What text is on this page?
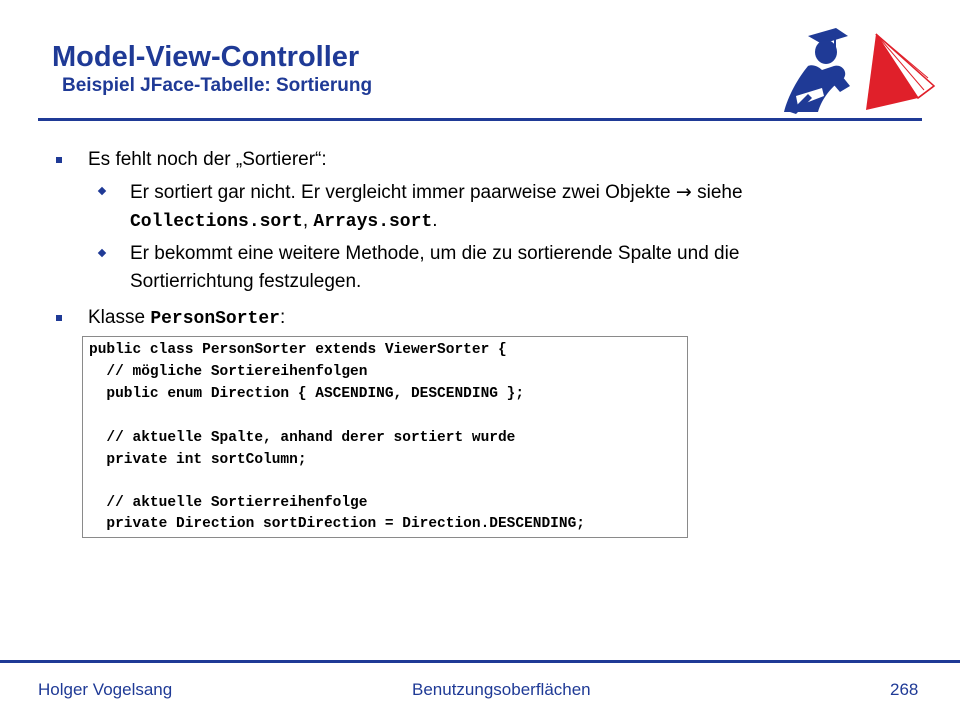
Model-View-Controller
Beispiel JFace-Tabelle: Sortierung
Es fehlt noch der „Sortierer“:
Er sortiert gar nicht. Er vergleicht immer paarweise zwei Objekte → siehe Collections.sort, Arrays.sort.
Er bekommt eine weitere Methode, um die zu sortierende Spalte und die Sortierrichtung festzulegen.
Klasse PersonSorter:
public class PersonSorter extends ViewerSorter {
// mögliche Sortiereihenfolgen
public enum Direction { ASCENDING, DESCENDING };
// aktuelle Spalte, anhand derer sortiert wurde
private int sortColumn;
// aktuelle Sortierreihenfolge
private Direction sortDirection = Direction.DESCENDING;
Holger Vogelsang	Benutzungsoberflächen	268
